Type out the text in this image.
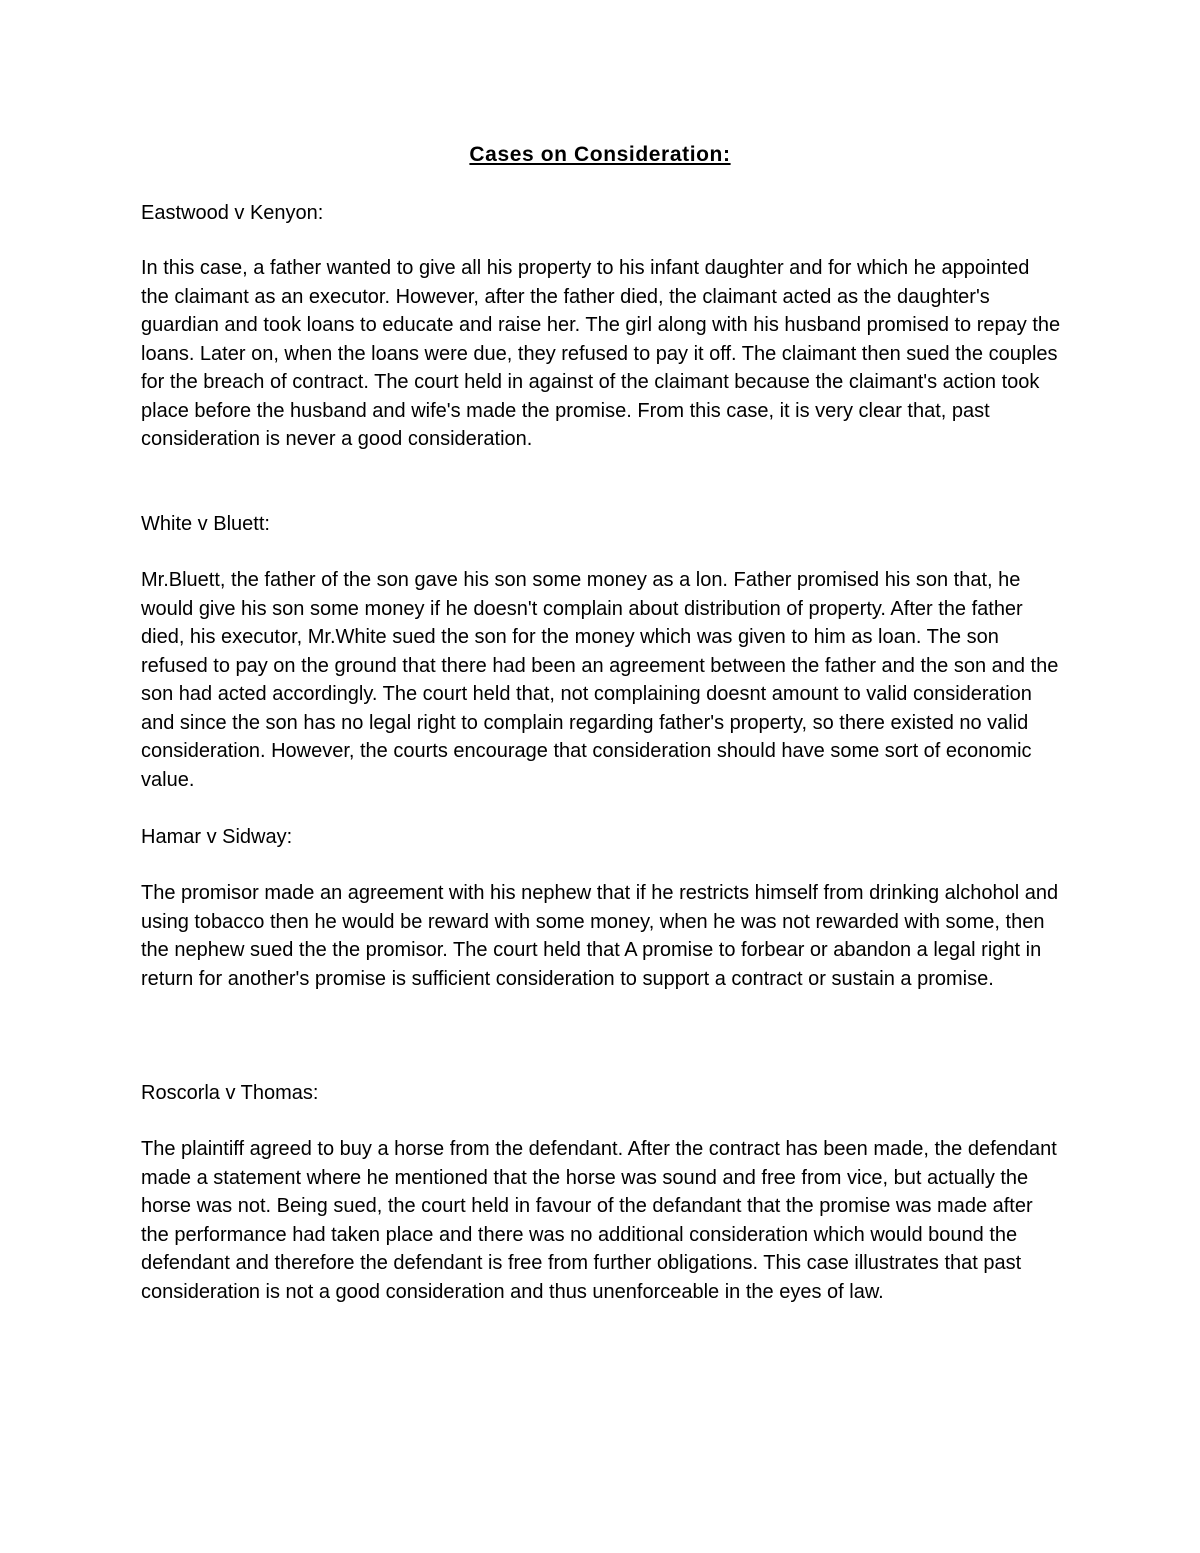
Cases on Consideration:

Eastwood v Kenyon:

In this case, a father wanted to give all his property to his infant daughter and for which he appointed the claimant as an executor. However, after the father died, the claimant acted as the daughter's guardian and took loans to educate and raise her. The girl along with his husband promised to repay the loans. Later on, when the loans were due, they refused to pay it off. The claimant then sued the couples for the breach of contract. The court held in against of the claimant because the claimant's action took place before the husband and wife's made the promise. From this case, it is very clear that, past consideration is never a good consideration.

White v Bluett:

Mr.Bluett, the father of the son gave his son some money as a lon. Father promised his son that, he would give his son some money if he doesn't complain about distribution of property. After the father died, his executor, Mr.White sued the son for the money which was given to him as loan. The son refused to pay on the ground that there had been an agreement between the father and the son and the son had acted accordingly. The court held that, not complaining doesnt amount to valid consideration and since the son has no legal right to complain regarding father's property, so there existed no valid consideration. However, the courts encourage that consideration should have some sort of economic value.

Hamar v Sidway:

The promisor made an agreement with his nephew that if he restricts himself from drinking alchohol and using tobacco then he would be reward with some money, when he was not rewarded with some, then the nephew sued the the promisor. The court held that A promise to forbear or abandon a legal right in return for another's promise is sufficient consideration to support a contract or sustain a promise.

Roscorla v Thomas:

The plaintiff agreed to buy a horse from the defendant. After the contract has been made, the defendant made a statement where he mentioned that the horse was sound and free from vice, but actually the horse was not. Being sued, the court held in favour of the defandant that the promise was made after the performance had taken place and there was no additional consideration which would bound the defendant and therefore the defendant is free from further obligations. This case illustrates that past consideration is not a good consideration and thus unenforceable in the eyes of law.
